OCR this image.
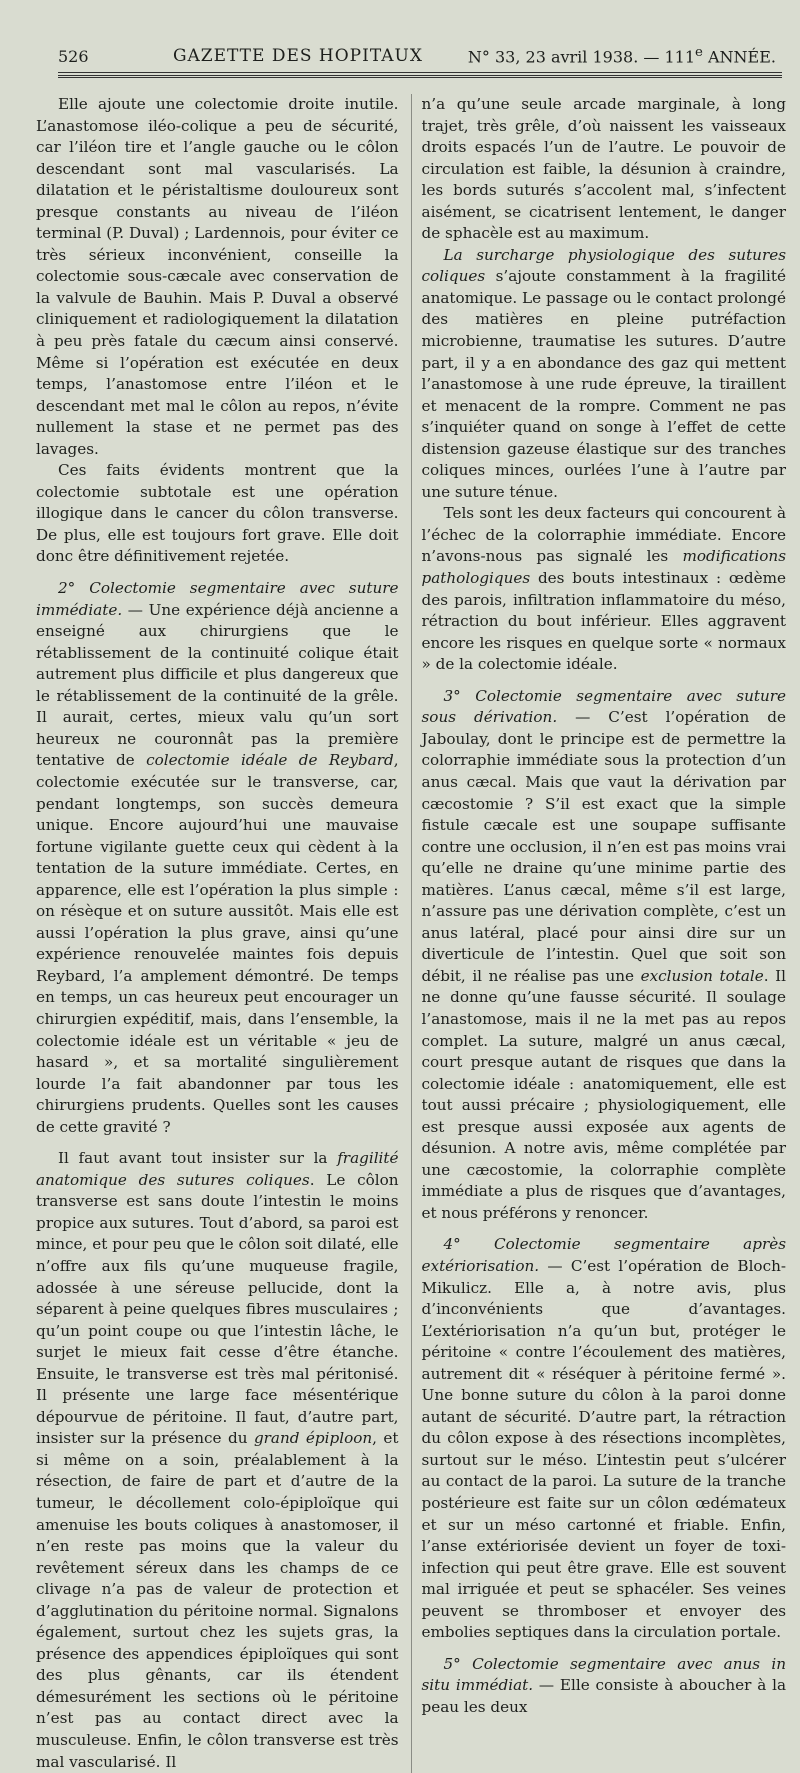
526	GAZETTE DES HOPITAUX	N° 33, 23 avril 1938. — 111e ANNÉE.

Elle ajoute une colectomie droite inutile. L’anastomose iléo-colique a peu de sécurité, car l’iléon tire et l’angle gauche ou le côlon descendant sont mal vascularisés. La dilatation et le péristaltisme douloureux sont presque constants au niveau de l’iléon terminal (P. Duval) ; Lardennois, pour éviter ce très sérieux inconvénient, conseille la colectomie sous-cæcale avec conservation de la valvule de Bauhin. Mais P. Duval a observé cliniquement et radiologiquement la dilatation à peu près fatale du cæcum ainsi conservé. Même si l’opération est exécutée en deux temps, l’anastomose entre l’iléon et le descendant met mal le côlon au repos, n’évite nullement la stase et ne permet pas des lavages.

Ces faits évidents montrent que la colectomie subtotale est une opération illogique dans le cancer du côlon transverse. De plus, elle est toujours fort grave. Elle doit donc être définitivement rejetée.

2° Colectomie segmentaire avec suture immédiate. — Une expérience déjà ancienne a enseigné aux chirurgiens que le rétablissement de la continuité colique était autrement plus difficile et plus dangereux que le rétablissement de la continuité de la grêle. Il aurait, certes, mieux valu qu’un sort heureux ne couronnât pas la première tentative de colectomie idéale de Reybard, colectomie exécutée sur le transverse, car, pendant longtemps, son succès demeura unique. Encore aujourd’hui une mauvaise fortune vigilante guette ceux qui cèdent à la tentation de la suture immédiate. Certes, en apparence, elle est l’opération la plus simple : on résèque et on suture aussitôt. Mais elle est aussi l’opération la plus grave, ainsi qu’une expérience renouvelée maintes fois depuis Reybard, l’a amplement démontré. De temps en temps, un cas heureux peut encourager un chirurgien expéditif, mais, dans l’ensemble, la colectomie idéale est un véritable « jeu de hasard », et sa mortalité singulièrement lourde l’a fait abandonner par tous les chirurgiens prudents. Quelles sont les causes de cette gravité ?

Il faut avant tout insister sur la fragilité anatomique des sutures coliques. Le côlon transverse est sans doute l’intestin le moins propice aux sutures. Tout d’abord, sa paroi est mince, et pour peu que le côlon soit dilaté, elle n’offre aux fils qu’une muqueuse fragile, adossée à une séreuse pellucide, dont la séparent à peine quelques fibres musculaires ; qu’un point coupe ou que l’intestin lâche, le surjet le mieux fait cesse d’être étanche. Ensuite, le transverse est très mal péritonisé. Il présente une large face mésentérique dépourvue de péritoine. Il faut, d’autre part, insister sur la présence du grand épiploon, et si même on a soin, préalablement à la résection, de faire de part et d’autre de la tumeur, le décollement colo-épiploïque qui amenuise les bouts coliques à anastomoser, il n’en reste pas moins que la valeur du revêtement séreux dans les champs de ce clivage n’a pas de valeur de protection et d’agglutination du péritoine normal. Signalons également, surtout chez les sujets gras, la présence des appendices épiploïques qui sont des plus gênants, car ils étendent démesurément les sections où le péritoine n’est pas au contact direct avec la musculeuse. Enfin, le côlon transverse est très mal vascularisé. Il

n’a qu’une seule arcade marginale, à long trajet, très grêle, d’où naissent les vaisseaux droits espacés l’un de l’autre. Le pouvoir de circulation est faible, la désunion à craindre, les bords suturés s’accolent mal, s’infectent aisément, se cicatrisent lentement, le danger de sphacèle est au maximum.

La surcharge physiologique des sutures coliques s’ajoute constamment à la fragilité anatomique. Le passage ou le contact prolongé des matières en pleine putréfaction microbienne, traumatise les sutures. D’autre part, il y a en abondance des gaz qui mettent l’anastomose à une rude épreuve, la tiraillent et menacent de la rompre. Comment ne pas s’inquiéter quand on songe à l’effet de cette distension gazeuse élastique sur des tranches coliques minces, ourlées l’une à l’autre par une suture ténue.

Tels sont les deux facteurs qui concourent à l’échec de la colorraphie immédiate. Encore n’avons-nous pas signalé les modifications pathologiques des bouts intestinaux : œdème des parois, infiltration inflammatoire du méso, rétraction du bout inférieur. Elles aggravent encore les risques en quelque sorte « normaux » de la colectomie idéale.

3° Colectomie segmentaire avec suture sous dérivation. — C’est l’opération de Jaboulay, dont le principe est de permettre la colorraphie immédiate sous la protection d’un anus cæcal. Mais que vaut la dérivation par cæcostomie ? S’il est exact que la simple fistule cæcale est une soupape suffisante contre une occlusion, il n’en est pas moins vrai qu’elle ne draine qu’une minime partie des matières. L’anus cæcal, même s’il est large, n’assure pas une dérivation complète, c’est un anus latéral, placé pour ainsi dire sur un diverticule de l’intestin. Quel que soit son débit, il ne réalise pas une exclusion totale. Il ne donne qu’une fausse sécurité. Il soulage l’anastomose, mais il ne la met pas au repos complet. La suture, malgré un anus cæcal, court presque autant de risques que dans la colectomie idéale : anatomiquement, elle est tout aussi précaire ; physiologiquement, elle est presque aussi exposée aux agents de désunion. A notre avis, même complétée par une cæcostomie, la colorraphie complète immédiate a plus de risques que d’avantages, et nous préférons y renoncer.

4° Colectomie segmentaire après extériorisation. — C’est l’opération de Bloch-Mikulicz. Elle a, à notre avis, plus d’inconvénients que d’avantages. L’extériorisation n’a qu’un but, protéger le péritoine « contre l’écoulement des matières, autrement dit « réséquer à péritoine fermé ». Une bonne suture du côlon à la paroi donne autant de sécurité. D’autre part, la rétraction du côlon expose à des résections incomplètes, surtout sur le méso. L’intestin peut s’ulcérer au contact de la paroi. La suture de la tranche postérieure est faite sur un côlon œdémateux et sur un méso cartonné et friable. Enfin, l’anse extériorisée devient un foyer de toxi-infection qui peut être grave. Elle est souvent mal irriguée et peut se sphacéler. Ses veines peuvent se thromboser et envoyer des embolies septiques dans la circulation portale.

5° Colectomie segmentaire avec anus in situ immédiat. — Elle consiste à aboucher à la peau les deux
